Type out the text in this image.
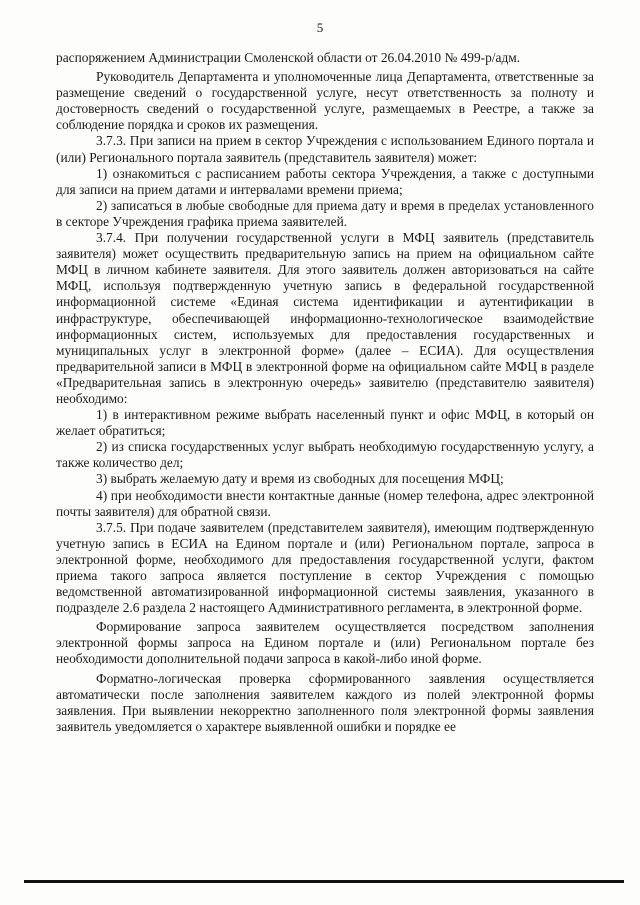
5

распоряжением Администрации Смоленской области от 26.04.2010 № 499-р/адм.

Руководитель Департамента и уполномоченные лица Департамента, ответственные за размещение сведений о государственной услуге, несут ответственность за полноту и достоверность сведений о государственной услуге, размещаемых в Реестре, а также за соблюдение порядка и сроков их размещения.

3.7.3. При записи на прием в сектор Учреждения с использованием Единого портала и (или) Регионального портала заявитель (представитель заявителя) может:

1) ознакомиться с расписанием работы сектора Учреждения, а также с доступными для записи на прием датами и интервалами времени приема;

2) записаться в любые свободные для приема дату и время в пределах установленного в секторе Учреждения графика приема заявителей.

3.7.4. При получении государственной услуги в МФЦ заявитель (представитель заявителя) может осуществить предварительную запись на прием на официальном сайте МФЦ в личном кабинете заявителя. Для этого заявитель должен авторизоваться на сайте МФЦ, используя подтвержденную учетную запись в федеральной государственной информационной системе «Единая система идентификации и аутентификации в инфраструктуре, обеспечивающей информационно-технологическое взаимодействие информационных систем, используемых для предоставления государственных и муниципальных услуг в электронной форме» (далее – ЕСИА). Для осуществления предварительной записи в МФЦ в электронной форме на официальном сайте МФЦ в разделе «Предварительная запись в электронную очередь» заявителю (представителю заявителя) необходимо:

1) в интерактивном режиме выбрать населенный пункт и офис МФЦ, в который он желает обратиться;

2) из списка государственных услуг выбрать необходимую государственную услугу, а также количество дел;

3) выбрать желаемую дату и время из свободных для посещения МФЦ;

4) при необходимости внести контактные данные (номер телефона, адрес электронной почты заявителя) для обратной связи.

3.7.5. При подаче заявителем (представителем заявителя), имеющим подтвержденную учетную запись в ЕСИА на Едином портале и (или) Региональном портале, запроса в электронной форме, необходимого для предоставления государственной услуги, фактом приема такого запроса является поступление в сектор Учреждения с помощью ведомственной автоматизированной информационной системы заявления, указанного в подразделе 2.6 раздела 2 настоящего Административного регламента, в электронной форме.

Формирование запроса заявителем осуществляется посредством заполнения электронной формы запроса на Едином портале и (или) Региональном портале без необходимости дополнительной подачи запроса в какой-либо иной форме.

Форматно-логическая проверка сформированного заявления осуществляется автоматически после заполнения заявителем каждого из полей электронной формы заявления. При выявлении некорректно заполненного поля электронной формы заявления заявитель уведомляется о характере выявленной ошибки и порядке ее
